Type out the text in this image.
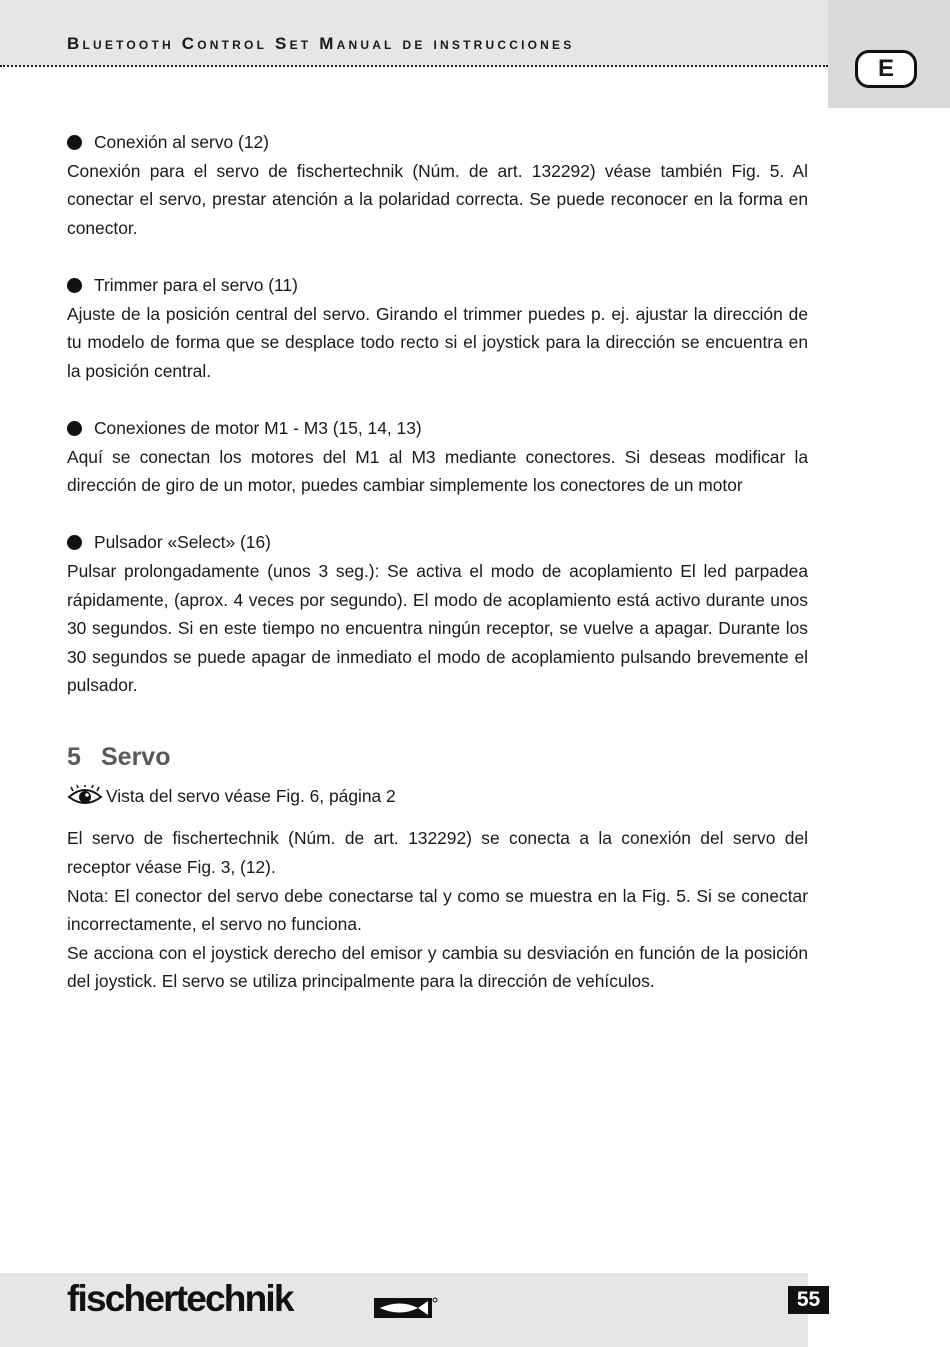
Bluetooth Control Set Manual de instrucciones
E
Conexión al servo (12)
Conexión para el servo de fischertechnik (Núm. de art. 132292) véase también Fig. 5. Al conectar el servo, prestar atención a la polaridad correcta. Se puede reconocer en la forma en conector.
Trimmer para el servo (11)
Ajuste de la posición central del servo. Girando el trimmer puedes p. ej. ajustar la dirección de tu modelo de forma que se desplace todo recto si el joystick para la dirección se encuentra en la posición central.
Conexiones de motor M1 - M3 (15, 14, 13)
Aquí se conectan los motores del M1 al M3 mediante conectores. Si deseas modificar la dirección de giro de un motor, puedes cambiar simplemente los conectores de un motor
Pulsador «Select» (16)
Pulsar prolongadamente (unos 3 seg.): Se activa el modo de acoplamiento El led parpadea rápidamente, (aprox. 4 veces por segundo). El modo de acoplamiento está activo durante unos 30 segundos. Si en este tiempo no encuentra ningún receptor, se vuelve a apagar. Durante los 30 segundos se puede apagar de inmediato el modo de acoplamiento pulsando brevemente el pulsador.
5 Servo
Vista del servo véase Fig. 6, página 2
El servo de fischertechnik (Núm. de art. 132292) se conecta a la conexión del servo del receptor véase Fig. 3, (12).
Nota: El conector del servo debe conectarse tal y como se muestra en la Fig. 5. Si se conectar incorrectamente, el servo no funciona.
Se acciona con el joystick derecho del emisor y cambia su desviación en función de la posición del joystick. El servo se utiliza principalmente para la dirección de vehículos.
fischertechnik	55
